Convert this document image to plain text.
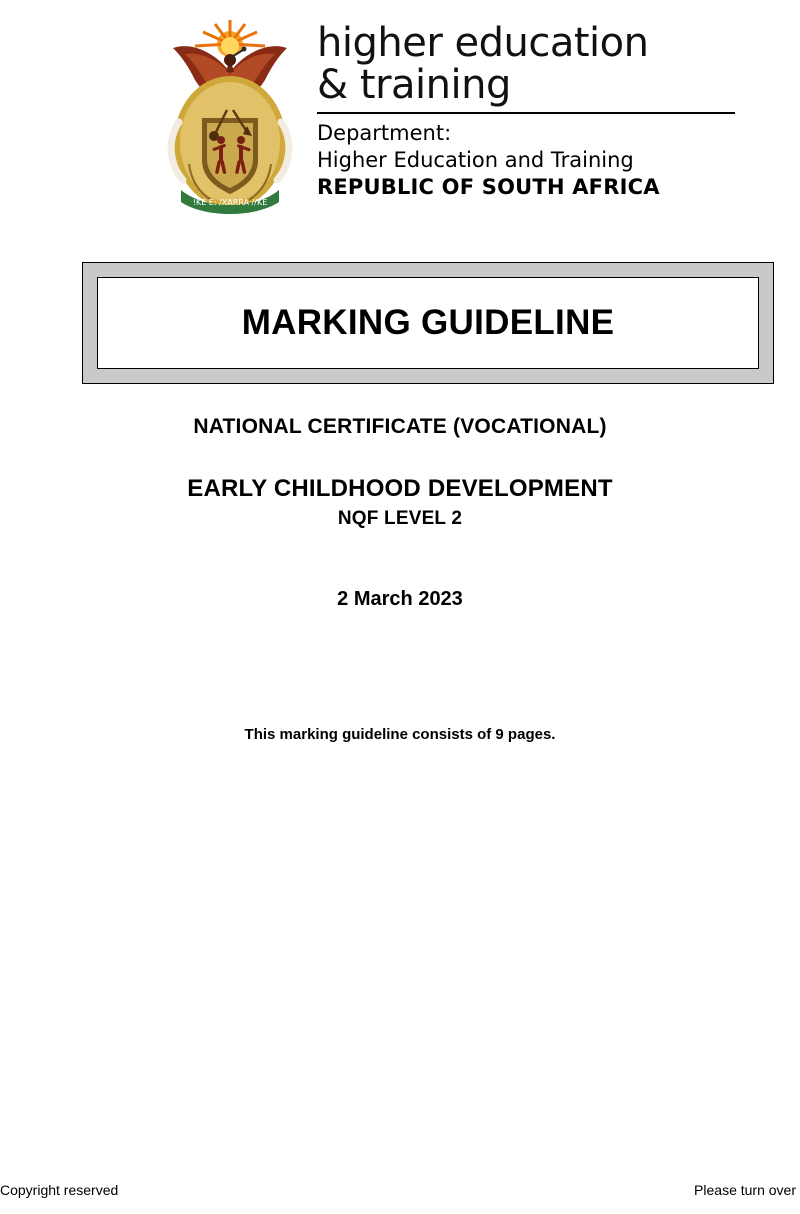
!KE E: /XARRA //KE
higher education
& training
Department:
Higher Education and Training
REPUBLIC OF SOUTH AFRICA
MARKING GUIDELINE
NATIONAL CERTIFICATE (VOCATIONAL)
EARLY CHILDHOOD DEVELOPMENT
NQF LEVEL 2
2 March 2023
This marking guideline consists of 9 pages.
Copyright reserved	Please turn over
